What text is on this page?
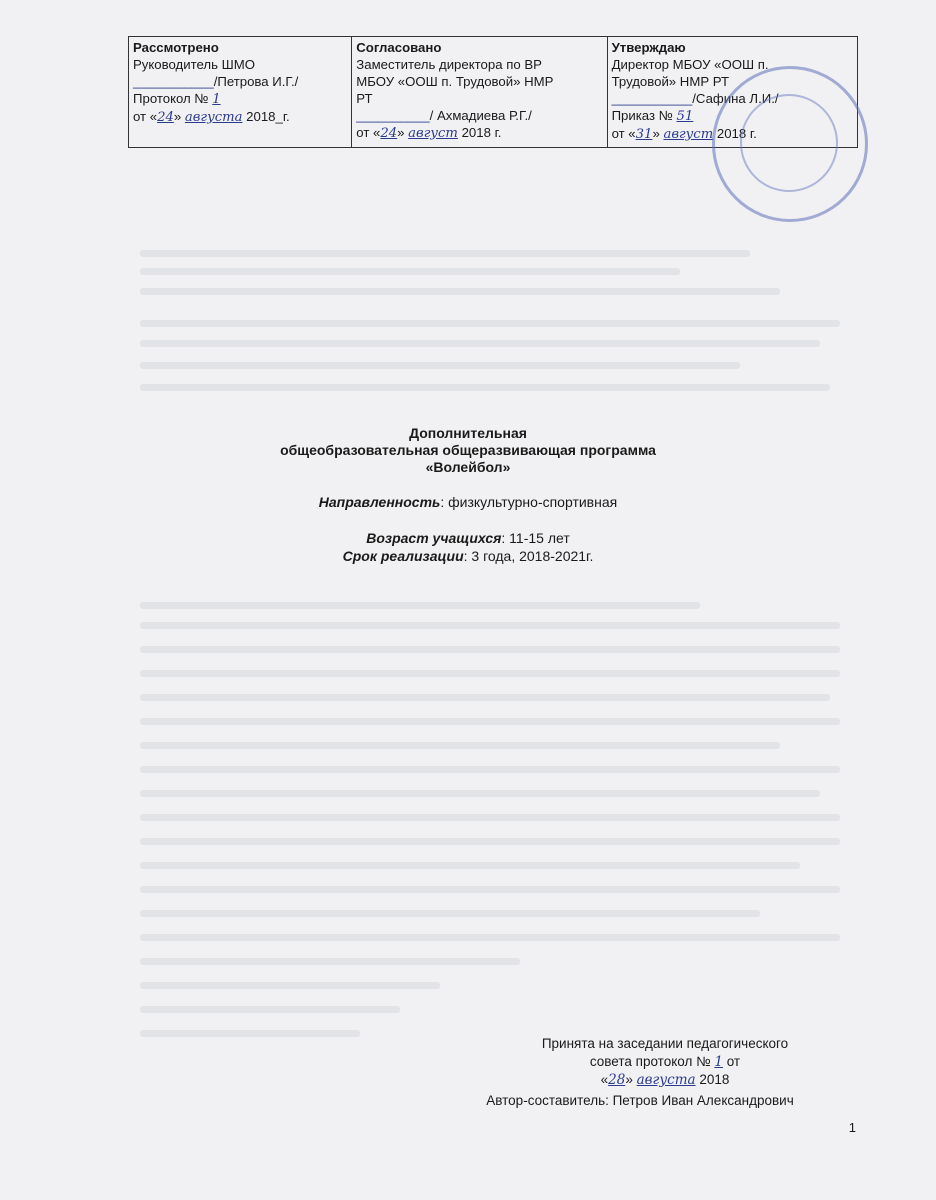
Рассмотрено
Руководитель ШМО
___________/Петрова И.Г./
Протокол № 1
от «24» августа 2018_г.

Согласовано
Заместитель директора по ВР
МБОУ «ООШ п. Трудовой» НМР
РТ
__________/ Ахмадиева Р.Г./
от «24» август 2018 г.

Утверждаю
Директор МБОУ «ООШ п.
Трудовой» НМР РТ
___________/Сафина Л.И./
Приказ № 51
от «31» август 2018 г.
Дополнительная
общеобразовательная общеразвивающая программа
«Волейбол»
Направленность: физкультурно-спортивная
Возраст учащихся: 11-15 лет
Срок реализации: 3 года, 2018-2021г.
Принята на заседании педагогического
совета протокол № 1 от
«28» августа 2018
Автор-составитель: Петров Иван Александрович
1
